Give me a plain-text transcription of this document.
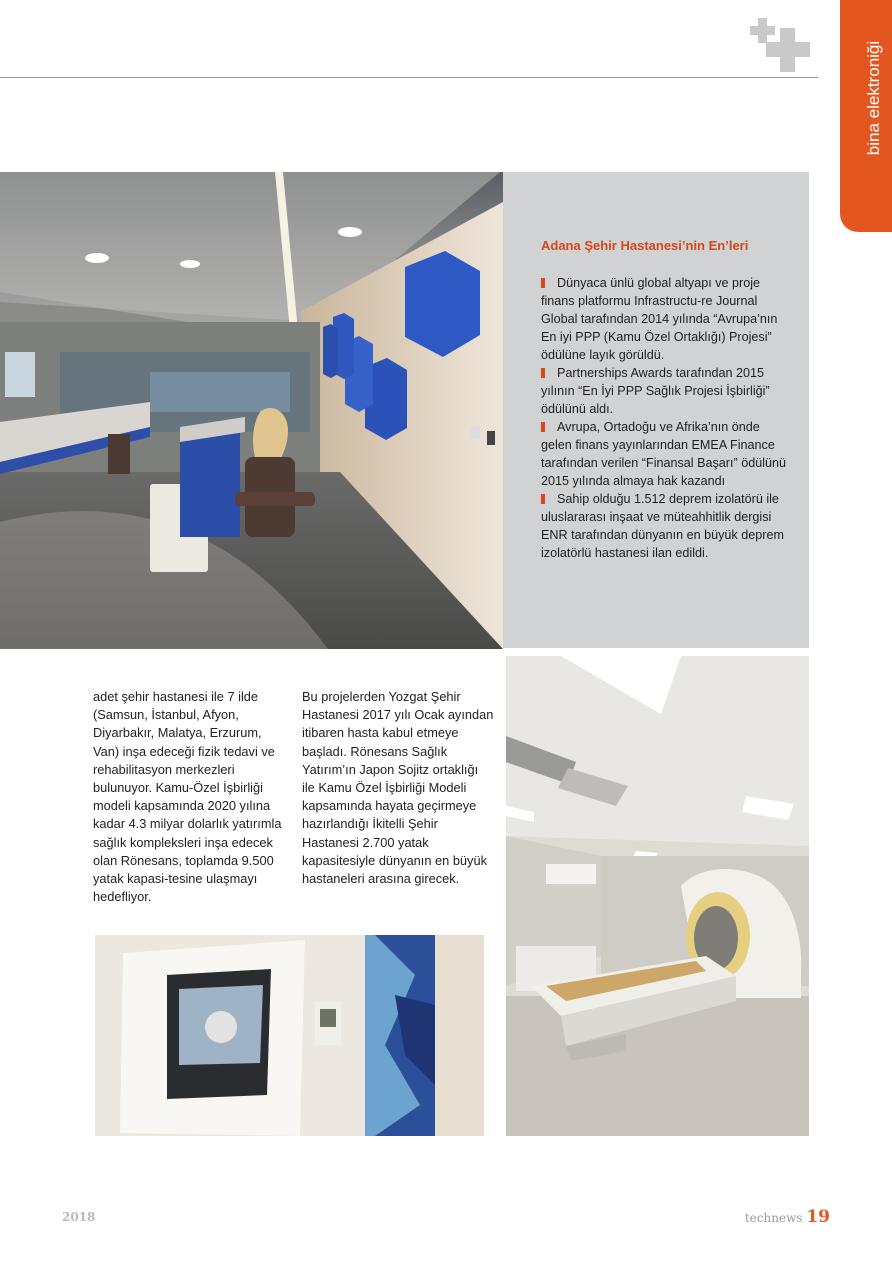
bina elektroniği
Adana Şehir Hastanesi’nin En’leri
Dünyaca ünlü global altyapı ve proje finans platformu Infrastructu-re Journal Global tarafından 2014 yılında “Avrupa’nın En iyi PPP (Kamu Özel Ortaklığı) Projesi” ödülüne layık görüldü.
Partnerships Awards tarafından 2015 yılının “En İyi PPP Sağlık Projesi İşbirliği” ödülünü aldı.
Avrupa, Ortadoğu ve Afrika’nın önde gelen finans yayınlarından EMEA Finance tarafından verilen “Finansal Başarı” ödülünü 2015 yılında almaya hak kazandı
Sahip olduğu 1.512 deprem izolatörü ile uluslararası inşaat ve müteahhitlik dergisi ENR tarafından dünyanın en büyük deprem izolatörlü hastanesi ilan edildi.

adet şehir hastanesi ile 7 ilde (Samsun, İstanbul, Afyon, Diyarbakır, Malatya, Erzurum, Van) inşa edeceği fizik tedavi ve rehabilitasyon merkezleri bulunuyor. Kamu-Özel İşbirliği modeli kapsamında 2020 yılına kadar 4.3 milyar dolarlık yatırımla sağlık kompleksleri inşa edecek olan Rönesans, toplamda 9.500 yatak kapasi-tesine ulaşmayı hedefliyor.

Bu projelerden Yozgat Şehir Hastanesi 2017 yılı Ocak ayından itibaren hasta kabul etmeye başladı. Rönesans Sağlık Yatırım’ın Japon Sojitz ortaklığı ile Kamu Özel İşbirliği Modeli kapsamında hayata geçirmeye hazırlandığı İkitelli Şehir Hastanesi 2.700 yatak kapasitesiyle dünyanın en büyük hastaneleri arasına girecek.

2018	technews 19
